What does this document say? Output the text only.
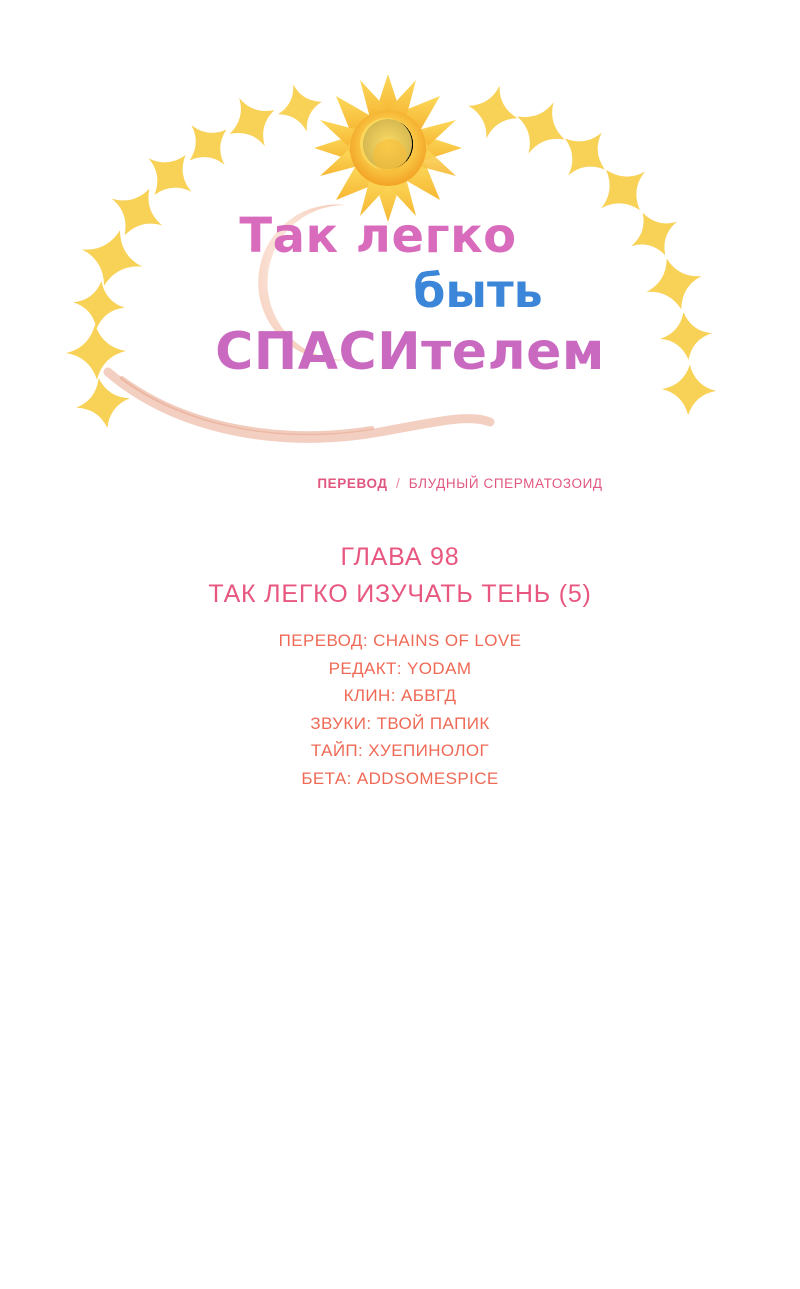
Так легко
быть
СПАСИтелем
ПЕРЕВОД / БЛУДНЫЙ СПЕРМАТОЗОИД
ГЛАВА 98
ТАК ЛЕГКО ИЗУЧАТЬ ТЕНЬ (5)
ПЕРЕВОД: CHAINS OF LOVE
РЕДАКТ: YODAM
КЛИН: АБВГД
ЗВУКИ: ТВОЙ ПАПИК
ТАЙП: ХУЕПИНОЛОГ
БЕТА: ADDSOMESPICE
